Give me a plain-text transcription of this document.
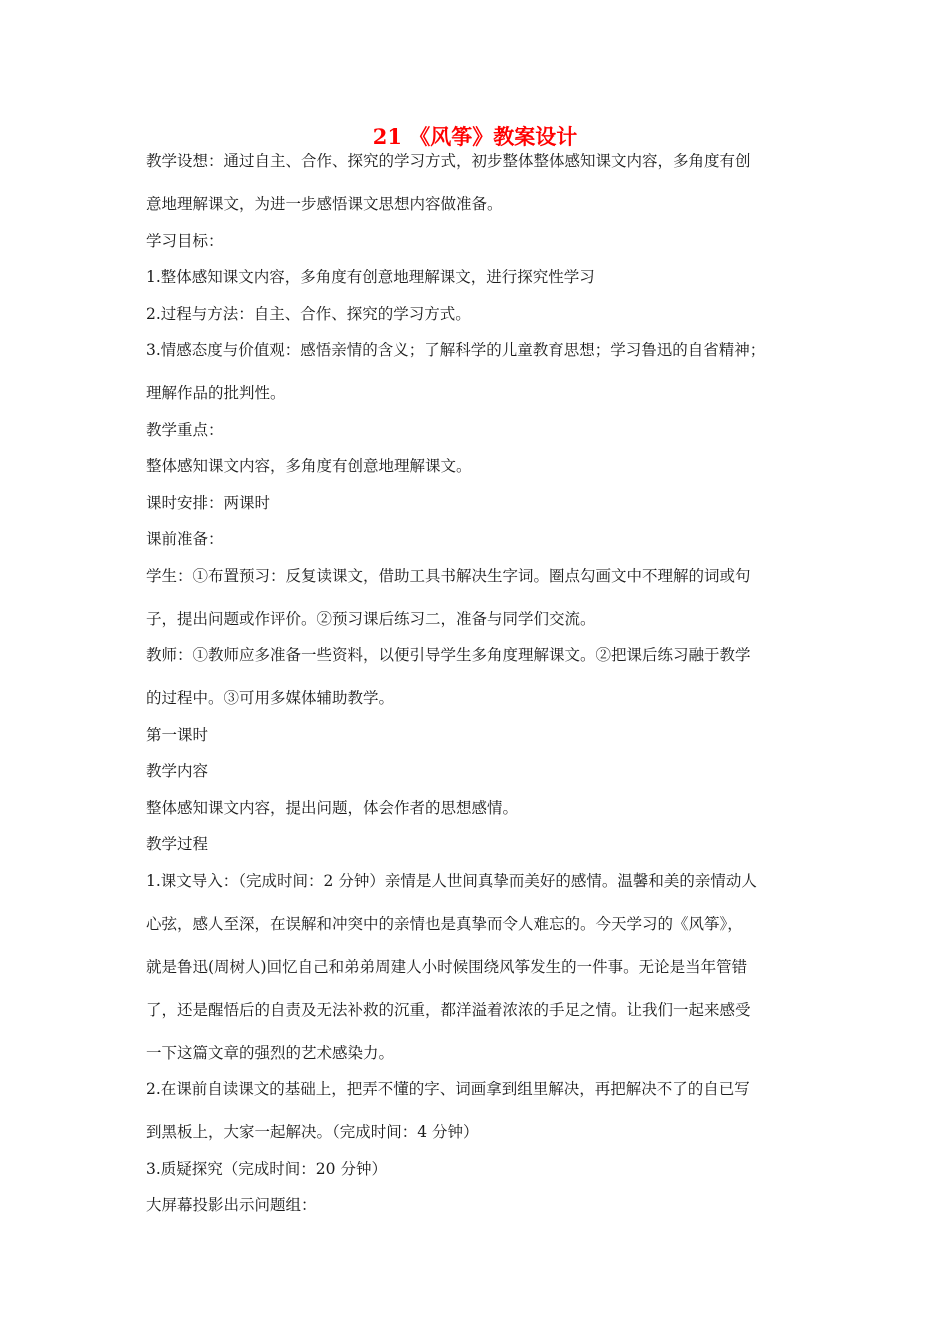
21 《风筝》教案设计
教学设想：通过自主、合作、探究的学习方式，初步整体整体感知课文内容，多角度有创
意地理解课文，为进一步感悟课文思想内容做准备。
学习目标：
1.整体感知课文内容，多角度有创意地理解课文，进行探究性学习
2.过程与方法：自主、合作、探究的学习方式。
3.情感态度与价值观：感悟亲情的含义；了解科学的儿童教育思想；学习鲁迅的自省精神；
理解作品的批判性。
教学重点：
整体感知课文内容，多角度有创意地理解课文。
课时安排：两课时
课前准备：
学生：①布置预习：反复读课文，借助工具书解决生字词。圈点勾画文中不理解的词或句
子，提出问题或作评价。②预习课后练习二，准备与同学们交流。
教师：①教师应多准备一些资料，以便引导学生多角度理解课文。②把课后练习融于教学
的过程中。③可用多媒体辅助教学。
第一课时
教学内容
整体感知课文内容，提出问题，体会作者的思想感情。
教学过程
1.课文导入：（完成时间：2 分钟）亲情是人世间真挚而美好的感情。温馨和美的亲情动人
心弦，感人至深，在误解和冲突中的亲情也是真挚而令人难忘的。今天学习的《风筝》，
就是鲁迅(周树人)回忆自己和弟弟周建人小时候围绕风筝发生的一件事。无论是当年管错
了，还是醒悟后的自责及无法补救的沉重，都洋溢着浓浓的手足之情。让我们一起来感受
一下这篇文章的强烈的艺术感染力。
2.在课前自读课文的基础上，把弄不懂的字、词画拿到组里解决，再把解决不了的自已写
到黑板上，大家一起解决。（完成时间：4 分钟）
3.质疑探究（完成时间：20 分钟）
大屏幕投影出示问题组：
